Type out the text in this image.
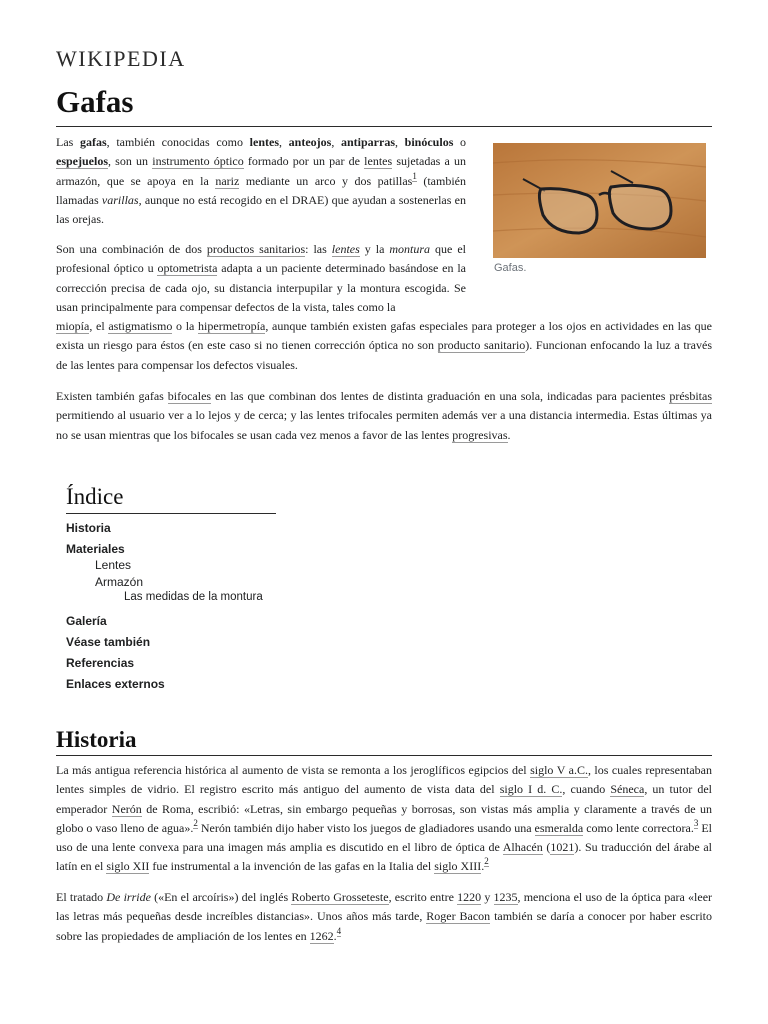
WIKIPEDIA
Gafas

Las gafas, también conocidas como lentes, anteojos, antiparras, binóculos o espejuelos, son un instrumento óptico formado por un par de lentes sujetadas a un armazón, que se apoya en la nariz mediante un arco y dos patillas$^1$ (también llamadas varillas, aunque no está recogido en el DRAE) que ayudan a sostenerlas en las orejas.

Gafas.

Son una combinación de dos productos sanitarios: las lentes y la montura que el profesional óptico u optometrista adapta a un paciente determinado basándose en la corrección precisa de cada ojo, su distancia interpupilar y la montura escogida. Se usan principalmente para compensar defectos de la vista, tales como la

miopía, el astigmatismo o la hipermetropía, aunque también existen gafas especiales para proteger a los ojos en actividades en las que exista un riesgo para éstos (en este caso si no tienen corrección óptica no son producto sanitario). Funcionan enfocando la luz a través de las lentes para compensar los defectos visuales.

Existen también gafas bifocales en las que combinan dos lentes de distinta graduación en una sola, indicadas para pacientes présbitas permitiendo al usuario ver a lo lejos y de cerca; y las lentes trifocales permiten además ver a una distancia intermedia. Estas últimas ya no se usan mientras que los bifocales se usan cada vez menos a favor de las lentes progresivas.

Índice
Historia
Materiales
Lentes
Armazón
Las medidas de la montura
Galería
Véase también
Referencias
Enlaces externos
Historia

La más antigua referencia histórica al aumento de vista se remonta a los jeroglíficos egipcios del siglo V a.C., los cuales representaban lentes simples de vidrio. El registro escrito más antiguo del aumento de vista data del siglo I d. C., cuando Séneca, un tutor del emperador Nerón de Roma, escribió: «Letras, sin embargo pequeñas y borrosas, son vistas más amplia y claramente a través de un globo o vaso lleno de agua».$^2$ Nerón también dijo haber visto los juegos de gladiadores usando una esmeralda como lente correctora.$^3$ El uso de una lente convexa para una imagen más amplia es discutido en el libro de óptica de Alhacén (1021). Su traducción del árabe al latín en el siglo XII fue instrumental a la invención de las gafas en la Italia del siglo XIII.$^2$

El tratado De irride («En el arcoíris») del inglés Roberto Grosseteste, escrito entre 1220 y 1235, menciona el uso de la óptica para «leer las letras más pequeñas desde increíbles distancias». Unos años más tarde, Roger Bacon también se daría a conocer por haber escrito sobre las propiedades de ampliación de los lentes en 1262.$^4$
